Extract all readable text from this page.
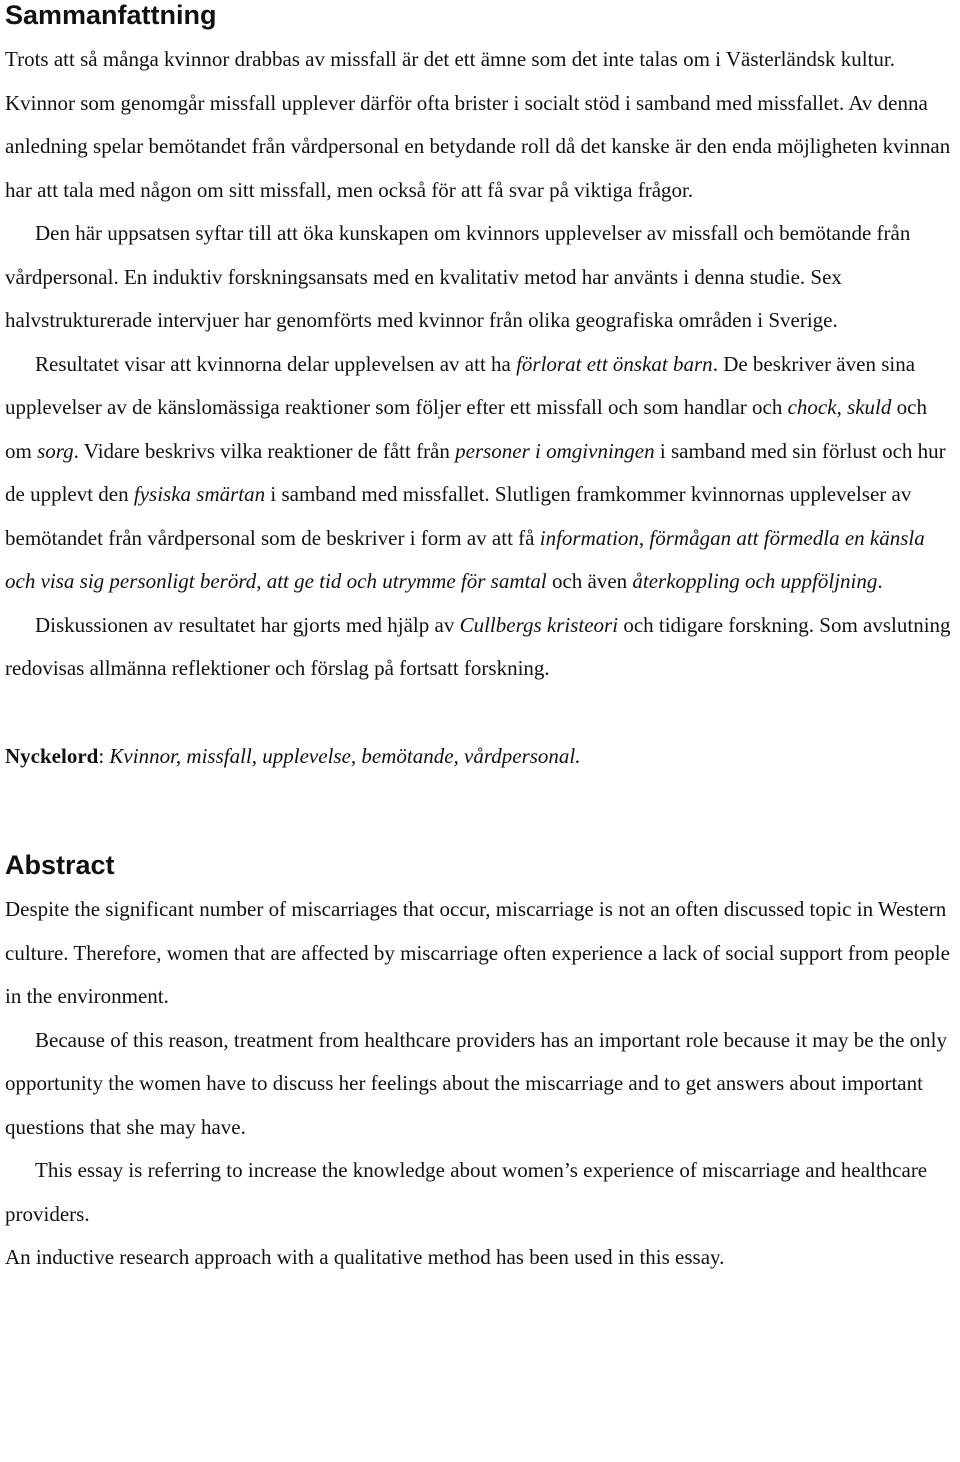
Sammanfattning

Trots att så många kvinnor drabbas av missfall är det ett ämne som det inte talas om i Västerländsk kultur. Kvinnor som genomgår missfall upplever därför ofta brister i socialt stöd i samband med missfallet. Av denna anledning spelar bemötandet från vårdpersonal en betydande roll då det kanske är den enda möjligheten kvinnan har att tala med någon om sitt missfall, men också för att få svar på viktiga frågor.

Den här uppsatsen syftar till att öka kunskapen om kvinnors upplevelser av missfall och bemötande från vårdpersonal. En induktiv forskningsansats med en kvalitativ metod har använts i denna studie. Sex halvstrukturerade intervjuer har genomförts med kvinnor från olika geografiska områden i Sverige.

Resultatet visar att kvinnorna delar upplevelsen av att ha förlorat ett önskat barn. De beskriver även sina upplevelser av de känslomässiga reaktioner som följer efter ett missfall och som handlar och chock, skuld och om sorg. Vidare beskrivs vilka reaktioner de fått från personer i omgivningen i samband med sin förlust och hur de upplevt den fysiska smärtan i samband med missfallet. Slutligen framkommer kvinnornas upplevelser av bemötandet från vårdpersonal som de beskriver i form av att få information, förmågan att förmedla en känsla och visa sig personligt berörd, att ge tid och utrymme för samtal och även återkoppling och uppföljning.

Diskussionen av resultatet har gjorts med hjälp av Cullbergs kristeori och tidigare forskning. Som avslutning redovisas allmänna reflektioner och förslag på fortsatt forskning.

Nyckelord: Kvinnor, missfall, upplevelse, bemötande, vårdpersonal.

Abstract

Despite the significant number of miscarriages that occur, miscarriage is not an often discussed topic in Western culture. Therefore, women that are affected by miscarriage often experience a lack of social support from people in the environment.

Because of this reason, treatment from healthcare providers has an important role because it may be the only opportunity the women have to discuss her feelings about the miscarriage and to get answers about important questions that she may have.

This essay is referring to increase the knowledge about women’s experience of miscarriage and healthcare providers.

An inductive research approach with a qualitative method has been used in this essay.
